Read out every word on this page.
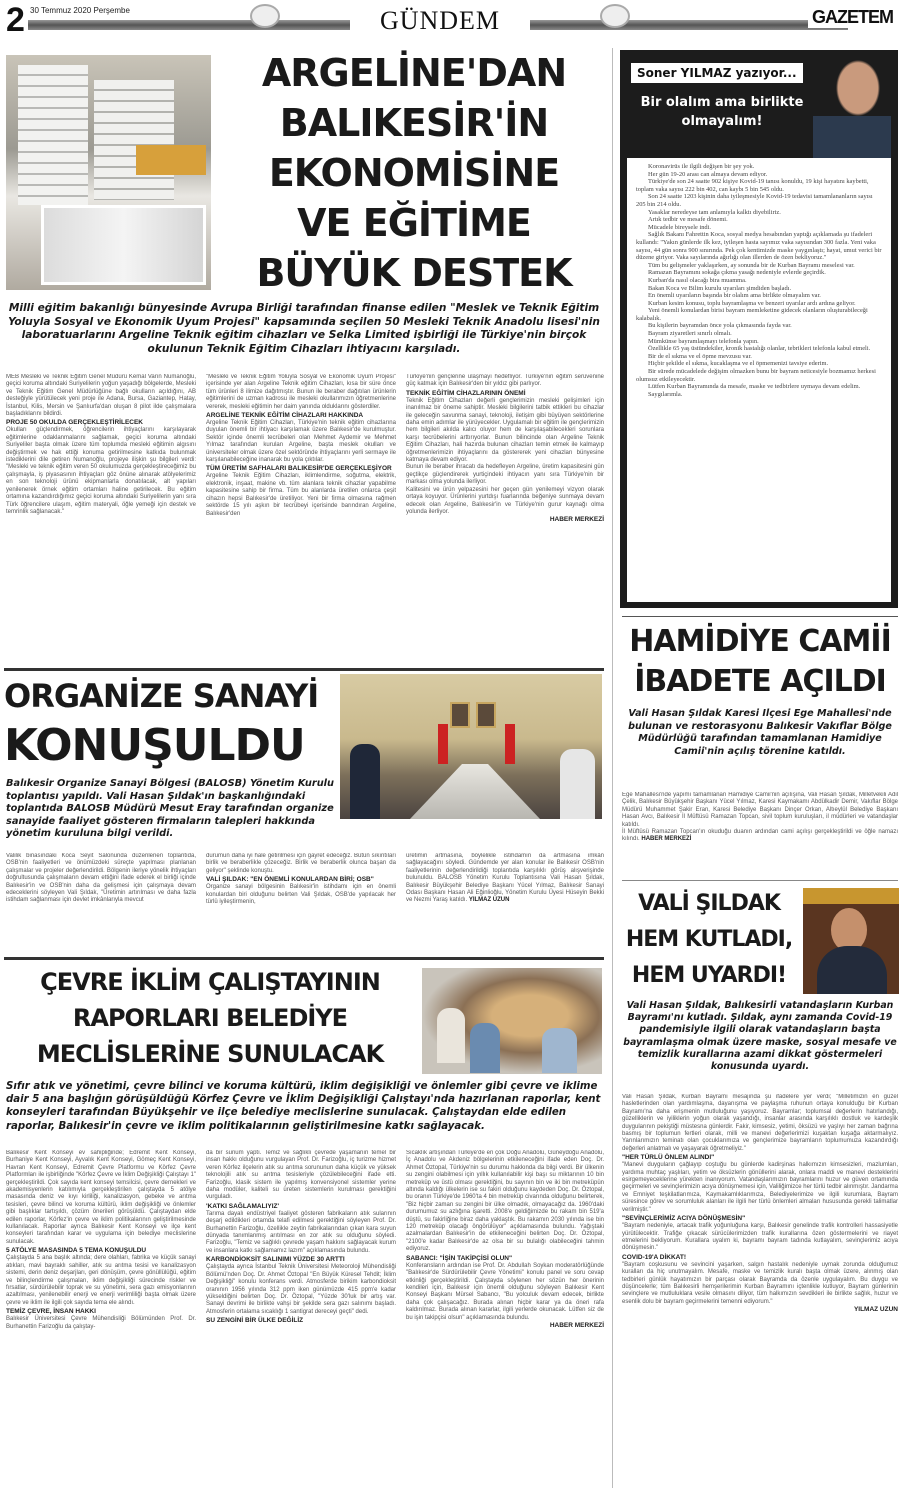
2 30 Temmuz 2020 Perşembe	GÜNDEM	GAZETEM
ARGELİNE'DAN
BALIKESİR'İN
EKONOMİSİNE
VE EĞİTİME
BÜYÜK DESTEK
Milli eğitim bakanlığı bünyesinde Avrupa Birliği tarafından finanse edilen "Meslek ve Teknik Eğitim Yoluyla Sosyal ve Ekonomik Uyum Projesi" kapsamında seçilen 50 Mesleki Teknik Anadolu lisesi'nin laboratuarlarını Argeline Teknik eğitim cihazları ve Selka Limited işbirliği ile Türkiye'nin birçok okulunun Teknik Eğitim Cihazları ihtiyacını karşıladı.

MEB Mesleki ve Teknik Eğitim Genel Müdürü Kemal Varın Numanoğlu, geçici koruma altındaki Suriyelilerin yoğun yaşadığı bölgelerde, Mesleki ve Teknik Eğitim Genel Müdürlüğüne bağlı okulların açıldığını, AB desteğiyle yürütülecek yeni proje ile Adana, Bursa, Gaziantep, Hatay, İstanbul, Kilis, Mersin ve Şanlıurfa'dan oluşan 8 pilot ilde çalışmalara başladıklarını bildirdi.

PROJE 50 OKULDA GERÇEKLEŞTİRİLECEK

Okulları güçlendirmek, öğrencilerin ihtiyaçlarını karşılayarak eğitimlerine odaklanmalarını sağlamak, geçici koruma altındaki Suriyeliler başta olmak üzere tüm toplumda mesleki eğitimin algısını değiştirmek ve hak ettiği konuma getirilmesine katkıda bulunmak istediklerini dile getiren Numanoğlu, projeye ilişkin şu bilgileri verdi: "Mesleki ve teknik eğitim veren 50 okulumuzda gerçekleştireceğimiz bu çalışmayla, iş piyasasının ihtiyaçları göz önüne alınarak atölyelerimiz en son teknoloji ürünü ekipmanlarla donatılacak, alt yapıları yenilenerek örnek eğitim ortamları haline getirilecek. Bu eğitim ortamına kazandırdığımız geçici koruma altındaki Suriyelilerin yanı sıra Türk öğrencilere ulaşım, eğitim materyali, öğle yemeği için destek ve temrinlik sağlanacak."

"Mesleki ve Teknik Eğitim Yoluyla Sosyal ve Ekonomik Uyum Projesi" içerisinde yer alan Argeline Teknik eğitim Cihazları, kısa bir süre önce tüm ürünleri 8 ilimize dağıtmıştır. Bunun ile beraber dağıtılan ürünlerin eğitimlerini de uzman kadrosu ile mesleki okullarımızın öğretmenlerine vererek, mesleki eğitimin her daim yanında olduklarını gösterdiler.

ARGELİNE TEKNİK EĞİTİM CİHAZLARI HAKKINDA

Argeline Teknik Eğitim Cihazları, Türkiye'nin teknik eğitim cihazlarına duyulan önemli bir ihtiyacı karşılamak üzere Balıkesir'de kurulmuştur. Sektör içinde önemli tecrübeleri olan Mehmet Aydemir ve Mehmet Yılmaz tarafından kurulan Argeline, başta meslek okulları ve üniversiteler olmak üzere özel sektöründe ihtiyaçlarını yerli sermaye ile karşılanabileceğine inanarak bu yola çıktılar.

TÜM ÜRETİM SAFHALARI BALIKESİR'DE GERÇEKLEŞİYOR

Argeline Teknik Eğitim Cihazları, iklimlendirme, soğutma, elektrik, elektronik, inşaat, makine vb. tüm alanlara teknik cihazlar yapabilme kapasitesine sahip bir firma. Tüm bu alanlarda üretilen onlarca çeşit cihazın hepsi Balıkesir'de üretiliyor. Yeni bir firma olmasına rağmen sektörde 15 yılı aşkın bir tecrübeyi içerisinde barındıran Argeline, Balıkesir'den

Türkiye'nin gençlerine ulaşmayı hedefliyor. Türkiye'nin eğitim serüvenine güç katmak için Balıkesir'den bir yıldız gibi parlıyor.

TEKNİK EĞİTİM CİHAZLARININ ÖNEMİ

Teknik Eğitim Cihazları değerli gençlerimizin mesleki gelişimleri için inanılmaz bir öneme sahiptir. Mesleki bilgilerini tatbik ettikleri bu cihazlar ile geleceğin savunma sanayi, teknoloji, iletişim gibi büyüyen sektörlerine daha emin adımlar ile yürüyecekler. Uygulamalı bir eğitim ile gençlerimizin hem bilgileri akılda kalıcı oluyor hem de karşılaşabilecekleri sorunlara karşı tecrübelerini arttırıyorlar. Bunun bilincinde olan Argeline Teknik Eğitim Cihazları, hali hazırda bulunan cihazları temin etmek ile kalmayıp öğretmenlerimizin ihtiyaçlarını da göstererek yeni cihazları bünyesine katmaya devam ediyor.

Bunun ile beraber ihracatı da hedefleyen Argeline, üretim kapasitesini gün geçtikçe güçlendirerek yurtiçindeki ihtiyacın yanı sıra Türkiye'nin bir markası olma yolunda ilerliyor.

Kalitesini ve ürün yelpazesini her geçen gün yenilemeyi vizyon olarak ortaya koyuyor. Ürünlerini yurtdışı fuarlarında beğeniye sunmaya devam edecek olan Argeline, Balıkesir'in ve Türkiye'nin gurur kaynağı olma yolunda ilerliyor.

HABER MERKEZİ
Soner YILMAZ yazıyor...
Bir olalım ama birlikte olmayalım!

Koronavirüs ile ilgili değişen bir şey yok.

Her gün 19-20 arası can almaya devam ediyor.

Türkiye'de son 24 saatte 902 kişiye Kovid-19 tanısı konuldu, 19 kişi hayatını kaybetti, toplam vaka sayısı 222 bin 402, can kaybı 5 bin 545 oldu.

Son 24 saatte 1203 kişinin daha iyileşmesiyle Kovid-19 tedavisi tamamlananların sayısı 205 bin 214 oldu.

Yasaklar neredeyse tam anlamıyla kalktı diyebiliriz.

Artık tedbir ve mesafe dönemi.

Mücadele bireysele indi.

Sağlık Bakanı Fahrettin Koca, sosyal medya hesabından yaptığı açıklamada şu ifadeleri kullandı: "Yakın günlerde ilk kez, iyileşen hasta sayımız vaka sayısından 300 fazla. Yeni vaka sayısı, 44 gün sonra 900 sınırında. Pek çok kentimizde maske yaygınlaştı; hayat, umut verici bir düzene giriyor. Vaka sayılarında ağırlığı olan illerden de özen bekliyoruz."

Tüm bu gelişmeler yaklaşırken, ay sonunda bir de Kurban Bayramı meselesi var.

Ramazan Bayramını sokağa çıkma yasağı nedeniyle evlerde geçirdik.

Kurban'da nasıl olacağı bira muamma.

Bakan Koca ve Bilim kurulu uyarıları şimdiden başladı.

En önemli uyarıların başında bir olalım ama birlikte olmayalım var.

Kurban kesim konusu, toplu bayramlaşma ve benzeri uyarılar ardı ardına geliyor.

Yeni önemli konulardan birisi bayram memleketine gidecek olanların oluşturabileceği kalabalık.

Bu kişilerin bayramdan önce yola çıkmasında fayda var.

Bayram ziyaretleri sınırlı olmalı.

Mümkünse bayramlaşmayı telefonla yapın.

Özellikle 65 yaş üstündekiler, kronik hastalığı olanlar, tebrikleri telefonla kabul etmeli.

Bir de el sıkma ve el öpme mevzusu var.

Hiçbir şekilde el sıkma, kucaklaşma ve el öpmemenizi tavsiye ederim.

Bir sürede mücadelede değişim olmazken bunu bir bayram neticesiyle bozmamız herkesi olumsuz etkileyecektir.

Lütfen Kurban Bayramında da mesafe, maske ve tedbirlere uymaya devam edelim.

Saygılarımla.

HAMİDİYE CAMİİ
İBADETE AÇILDI
Vali Hasan Şıldak Karesi İlçesi Ege Mahallesi'nde bulunan ve restorasyonu Balıkesir Vakıflar Bölge Müdürlüğü tarafından tamamlanan Hamidiye Camii'nin açılış törenine katıldı.

Ege Mahallesi'nde yapımı tamamlanan Hamidiye Camii'nin açılışına, Vali Hasan Şıldak, Milletvekili Adil Çelik, Balıkesir Büyükşehir Başkanı Yücel Yılmaz, Karesi Kaymakamı Abdülkadir Demir, Vakıflar Bölge Müdürü Muhammet Şakir Eran, Karesi Belediye Başkanı Dinçer Orkan, Altıeylül Belediye Başkanı Hasan Avcı, Balıkesir İl Müftüsü Ramazan Topcan, sivil toplum kuruluşları, il müdürleri ve vatandaşlar katıldı.

İl Müftüsü Ramazan Topcan'ın okuduğu duanın ardından cami açılışı gerçekleştirildi ve öğle namazı kılındı. HABER MERKEZİ

VALİ ŞILDAK
HEM KUTLADI,
HEM UYARDI!
Vali Hasan Şıldak, Balıkesirli vatandaşların Kurban Bayramı'nı kutladı. Şıldak, aynı zamanda Covid-19 pandemisiyle ilgili olarak vatandaşların başta bayramlaşma olmak üzere maske, sosyal mesafe ve temizlik kurallarına azami dikkat göstermeleri konusunda uyardı.

Vali Hasan Şıldak, Kurban Bayramı mesajında şu ifadelere yer verdi; "Milletimizin en güzel hasletlerinden olan yardımlaşma, dayanışma ve paylaşma ruhunun ortaya konulduğu bir Kurban Bayramı'na daha erişmenin mutluluğunu yaşıyoruz. Bayramlar; toplumsal değerlerin hatırlandığı, güzelliklerin ve iyiliklerin yoğun olarak yaşandığı, insanlar arasında karşılıklı dostluk ve kardeşlik duygularının pekiştiği müstesna günlerdir. Fakir, kimsesiz, yetimi, öksüzü ve yaşlıyı her zaman bağrına basmış bir toplumun fertleri olarak, milli ve manevi değerlerimizi kuşaktan kuşağa aktarmalıyız. Yarınlarımızın teminatı olan çocuklarımıza ve gençlerimize bayramların toplumumuza kazandırdığı değerleri anlatmalı ve yaşayarak öğretmeliyiz."

"HER TÜRLÜ ÖNLEM ALINDI"

"Manevi duyguların çağlayıp coştuğu bu günlerde kadirşinas halkımızın kimsesizleri, mazlumları, yardıma muhtaç yaşlıları, yetim ve öksüzlerin gönüllerini alarak, onlara maddi ve manevi desteklerini esirgemeyeceklerine yürekten inanıyorum. Vatandaşlarımızın bayramlarını huzur ve güven ortamında geçirmeleri ve sevinçlerimizin acıya dönüşmemesi için, Valiliğimizce her türlü tedbir alınmıştır. Jandarma ve Emniyet teşkilatlarımıza, Kaymakamlıklarımıza, Belediyelerimize ve ilgili kurumlara, Bayram süresince görev ve sorumluluk alanları ile ilgili her türlü önlemleri almaları hususunda gerekli talimatlar verilmiştir."

"SEVİNÇLERİMİZ ACIYA DÖNÜŞMESİN"

"Bayram nedeniyle, artacak trafik yoğunluğuna karşı, Balıkesir genelinde trafik kontrolleri hassasiyetle yürütülecektir. Trafiğe çıkacak sürücülerimizden trafik kurallarına özen göstermelerini ve riayet etmelerini bekliyorum. Kurallara uyalım ki, bayramı bayram tadında kutlayalım, sevinçlerimiz acıya dönüşmesin."

COVID-19'A DİKKAT!

"Bayram coşkusunu ve sevincini yaşarken, salgın hastalık nedeniyle uymak zorunda olduğumuz kuralları da hiç unutmayalım. Mesafe, maske ve temizlik kuralı başta olmak üzere, alınmış olan tedbirleri günlük hayatımızın bir parçası olarak Bayramda da özenle uygulayalım. Bu duygu ve düşüncelerle; tüm Balıkesirli hemşerilerimin Kurban Bayramını içtenlikle kutluyor, Bayram günlerinin sevinçlere ve mutluluklara vesile olmasını diliyor, tüm halkımızın sevdikleri ile birlikte sağlık, huzur ve esenlik dolu bir bayram geçirmelerini temenni ediyorum."

YILMAZ UZUN
ORGANİZE SANAYİ
KONUŞULDU
Balıkesir Organize Sanayi Bölgesi (BALOSB) Yönetim Kurulu toplantısı yapıldı. Vali Hasan Şıldak'ın başkanlığındaki toplantıda BALOSB Müdürü Mesut Eray tarafından organize sanayide faaliyet gösteren firmaların talepleri hakkında yönetim kuruluna bilgi verildi.

Valilik binasındaki Koca Seyit Salonunda düzenlenen toplantıda, OSB'nin faaliyetleri ve önümüzdeki süreçte yapılması planlanan çalışmalar ve projeler değerlendirildi. Bölgenin ileriye yönelik ihtiyaçları doğrultusunda çalışmaların devam ettiğini ifade ederek el birliği içinde Balıkesir'in ve OSB'nin daha da gelişmesi için çalışmaya devam edeceklerini söyleyen Vali Şıldak, "Üretimin artırılması ve daha fazla istihdam sağlanması için devlet imkânlarıyla mevcut

durumun daha iyi hale getirilmesi için gayret edeceğiz. Bütün sıkıntıları birlik ve beraberlikle çözeceğiz. Birlik ve beraberlik olunca başarı da geliyor" şeklinde konuştu.

VALİ ŞILDAK: "EN ÖNEMLİ KONULARDAN BİRİ; OSB"

Organize sanayi bölgesinin Balıkesir'in istihdamı için en önemli konulardan biri olduğunu belirten Vali Şıldak, OSB'de yapılacak her türlü iyileştirmenin,

üretimin artmasına, böylelikle istihdamın da artmasına imkân sağlayacağını söyledi. Gündemde yer alan konular ile Balıkesir OSB'nin faaliyetlerinin değerlendirildiği toplantıda karşılıklı görüş alışverişinde bulunuldu. BALOSB Yönetim Kurulu Toplantısına Vali Hasan Şıldak, Balıkesir Büyükşehir Belediye Başkanı Yücel Yılmaz, Balıkesir Sanayi Odası Başkanı Hasan Ali Eğinlioğlu, Yönetim Kurulu Üyesi Hüseyin Bekki ve Nezmi Yaraş katıldı. YILMAZ UZUN

ÇEVRE İKLİM ÇALIŞTAYININ
RAPORLARI BELEDİYE
MECLİSLERİNE SUNULACAK
Sıfır atık ve yönetimi, çevre bilinci ve koruma kültürü, iklim değişikliği ve önlemler gibi çevre ve iklime dair 5 ana başlığın görüşüldüğü Körfez Çevre ve İklim Değişikliği Çalıştayı'nda hazırlanan raporlar, kent konseyleri tarafından Büyükşehir ve ilçe belediye meclislerine sunulacak. Çalıştaydan elde edilen raporlar, Balıkesir'in çevre ve iklim politikalarının geliştirilmesine katkı sağlayacak.

Balıkesir Kent Konseyi ev sahipliğinde; Edremit Kent Konseyi, Burhaniye Kent Konseyi, Ayvalık Kent Konseyi, Gömeç Kent Konseyi, Havran Kent Konseyi, Edremit Çevre Platformu ve Körfez Çevre Platformları ile işbirliğinde "Körfez Çevre ve İklim Değişikliği Çalıştayı 1" gerçekleştirildi. Çok sayıda kent konseyi temsilcisi, çevre dernekleri ve akademisyenlerin katılımıyla gerçekleştirilen çalıştayda 5 atölye masasında deniz ve kıyı kirliliği, kanalizasyon, gebeke ve arıtma tesisleri, çevre bilinci ve koruma kültürü, iklim değişikliği ve önlemler gibi başlıklar tartışıldı, çözüm önerileri görüşüldü. Çalıştaydan elde edilen raporlar, Körfez'in çevre ve iklim politikalarının geliştirilmesinde kullanılacak. Raporlar ayrıca Balıkesir Kent Konseyi ve ilçe kent konseyleri tarafından karar ve uygulama için belediye meclislerine sunulacak.

5 ATÖLYE MASASINDA 5 TEMA KONUŞULDU

Çalıştayda 5 ana başlık altında; dere olahları, fabrika ve küçük sanayi atıkları, mavi bayraklı sahiller, atık su arıtma tesisi ve kanalizasyon sistemi, derin deniz deşarjları, geri dönüşüm, çevre gönüllülüğü, eğitim ve bilinçlendirme çalışmaları, iklim değişikliği sürecinde riskler ve fırsatlar, sürdürülebilir toprak ve su yönetimi, sera gazı emisyonlarının azaltılması, yenilenebilir enerji ve enerji verimliliği başta olmak üzere çevre ve iklim ile ilgili çok sayıda tema ele alındı.

TEMİZ ÇEVRE, İNSAN HAKKI

Balıkesir Üniversitesi Çevre Mühendisliği Bölümünden Prof. Dr. Burhanettin Farizoğlu da çalıştay-

da bir sunum yaptı. Temiz ve sağlıklı çevrede yaşamanın temel bir insan hakkı olduğunu vurgulayan Prof. Dr. Farizoğlu, iç turizme hizmet veren Körfez ilçelerin atık su arıtma sorununun daha küçük ve yüksek teknolojili atık su arıtma tesisleriyle çözülebileceğini ifade etti. Farizoğlu, klasik sistem ile yapılmış konvensiyonel sistemler yerine daha modüler, kaliteli su üreten sistemlerin kurulması gerektiğini vurguladı.

'KATKI SAĞLAMALIYIZ'

Tarıma dayalı endüstriyel faaliyet gösteren fabrikaların atık sularının deşarj edildikleri ortamda telafi edilmesi gerektiğini söyleyen Prof. Dr. Burhanettin Farizoğlu, özellikle zeytin fabrikalarından çıkan kara suyun dünyada tanımlanmış arıtılması en zor atık su olduğunu söyledi. Farizoğlu, "Temiz ve sağlıklı çevrede yaşam hakkını sağlayacak kurum ve insanlara katkı sağlamamız lazım" açıklamasında bulundu.

KARBONDİOKSİT SALINIMI YÜZDE 30 ARTTI

Çalıştayda ayrıca İstanbul Teknik Üniversitesi Meteoroloji Mühendisliği Bölümü'nden Doç. Dr. Ahmet Öztopal "En Büyük Küresel Tehdit; İklim Değişikliği" konulu konferans verdi. Atmosferde birikim karbondioksit oranının 1956 yılında 312 ppm iken günümüzde 415 ppm'e kadar yükseldiğini belirten Doç. Dr. Öztopal, "Yüzde 30'luk bir artış var. Sanayi devrimi ile birlikte vahşi bir şekilde sera gazı salınımı başladı. Atmosferin ortalama sıcaklığı 1 santigrat dereceyi geçti" dedi.

SU ZENGİNİ BİR ÜLKE DEĞİLİZ

Sıcaklık artışından Türkiye'de en çok Doğu Anadolu, Güneydoğu Anadolu, İç Anadolu ve Akdeniz bölgelerinin etkileneceğini ifade eden Doç. Dr. Ahmet Öztopal, Türkiye'nin su durumu hakkında da bilgi verdi. Bir ülkenin su zengini olabilmesi için yıllık kullanılabilir kişi başı su miktarının 10 bin metreküp ve üstü olması gerektiğini, bu sayının bin ve iki bin metreküpün altında kaldığı ülkelerin ise su fakiri olduğunu kaydeden Doç. Dr. Öztopal, bu oranın Türkiye'de 1960'ta 4 bin metreküp civarında olduğunu belirterek, "Biz hiçbir zaman su zengini bir ülke olmadık, olmayacağız da. 1960'daki durumumuz su azlığına işaretti. 2008'e geldiğimizde bu rakam bin 519'a düştü, su fakirliğine biraz daha yaklaştık. Bu rakamın 2030 yılında ise bin 120 metreküp olacağı öngörülüyor" açıklamasında bulundu. Yağıştaki azalmalardan Balıkesir'in de etkileneceğini belirten Doç. Dr. Öztopal, "2100'e kadar Balıkesir'de az olsa bir su bulalığı olabileceğini tahmin ediyoruz.

SABANCI: "İŞİN TAKİPÇİSİ OLUN"

Konferansların ardından ise Prof. Dr. Abdullah Soykan moderatörlüğünde "Balıkesir'de Sürdürülebilir Çevre Yönetimi" konulu panel ve soru cevap etkinliği gerçekleştirildi. Çalıştayda söylenen her sözün her önerinin kendileri için, Balıkesir için önemli olduğunu söyleyen Balıkesir Kent Konseyi Başkanı Mürsel Sabancı, "Bu yolculuk devam edecek, birlikte daha çok çalışacağız. Burada alınan hiçbir karar ya da öneri rafa kaldırılmaz. Burada alınan kararlar, ilgili yerlerde okunacak. Lütfen siz de bu işin takipçisi olsun" açıklamasında bulundu.

HABER MERKEZİ
